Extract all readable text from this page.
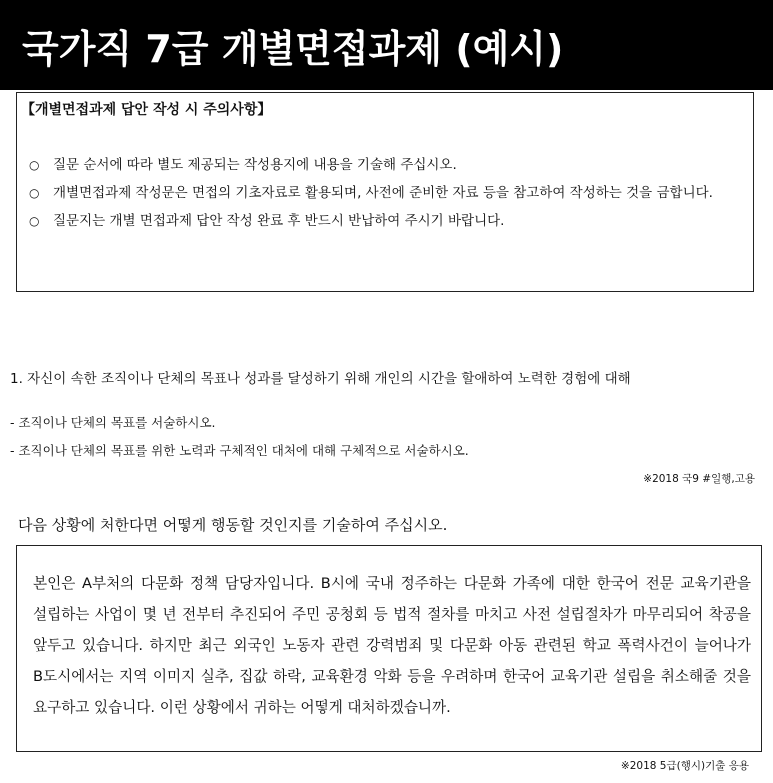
국가직 7급 개별면접과제 (예시)
【개별면접과제 답안 작성 시 주의사항】
○ 질문 순서에 따라 별도 제공되는 작성용지에 내용을 기술해 주십시오.
○ 개별면접과제 작성문은 면접의 기초자료로 활용되며, 사전에 준비한 자료 등을 참고하여 작성하는 것을 금합니다.
○ 질문지는 개별 면접과제 답안 작성 완료 후 반드시 반납하여 주시기 바랍니다.
1. 자신이 속한 조직이나 단체의 목표나 성과를 달성하기 위해 개인의 시간을 할애하여 노력한 경험에 대해
- 조직이나 단체의 목표를 서술하시오.
- 조직이나 단체의 목표를 위한 노력과 구체적인 대처에 대해 구체적으로 서술하시오.
※2018 국9 #일행,고용
다음 상황에 처한다면 어떻게 행동할 것인지를 기술하여 주십시오.
본인은 A부처의 다문화 정책 담당자입니다. B시에 국내 정주하는 다문화 가족에 대한 한국어 전문 교육기관을 설립하는 사업이 몇 년 전부터 추진되어 주민 공청회 등 법적 절차를 마치고 사전 설립절차가 마무리되어 착공을 앞두고 있습니다. 하지만 최근 외국인 노동자 관련 강력범죄 및 다문화 아동 관련된 학교 폭력사건이 늘어나가 B도시에서는 지역 이미지 실추, 집값 하락, 교육환경 악화 등을 우려하며 한국어 교육기관 설립을 취소해줄 것을 요구하고 있습니다. 이런 상황에서 귀하는 어떻게 대처하겠습니까.
※2018 5급(행시)기출 응용
